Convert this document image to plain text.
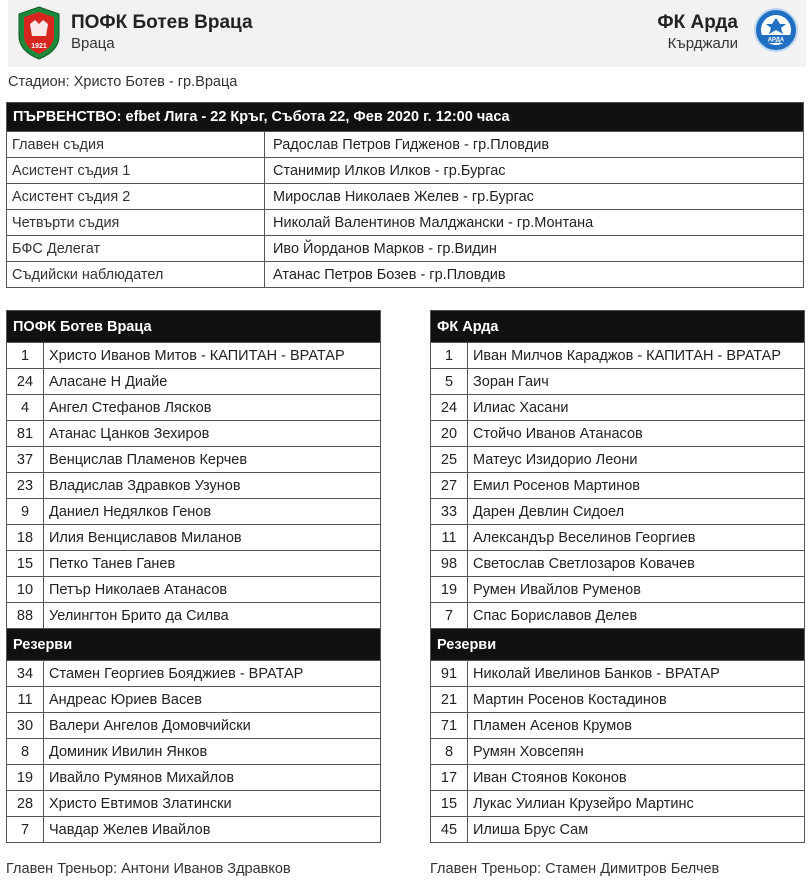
1921
ПОФК Ботев Враца
Враца
ФК Арда
Кърджали	АРДА
Стадион: Христо Ботев - гр.Враца
ПЪРВЕНСТВО: efbet Лига - 22 Кръг, Събота 22, Фев 2020 г. 12:00 часа	
Главен съдия	Радослав Петров Гидженов - гр.Пловдив
Асистент съдия 1	Станимир Илков Илков - гр.Бургас
Асистент съдия 2	Мирослав Николаев Желев - гр.Бургас
Четвърти съдия	Николай Валентинов Малджански - гр.Монтана
БФС Делегат	Иво Йорданов Марков - гр.Видин
Съдийски наблюдател	Атанас Петров Бозев - гр.Пловдив
ПОФК Ботев Враца	
1	Христо Иванов Митов - КАПИТАН - ВРАТАР
24	Аласане Н Диайе
4	Ангел Стефанов Лясков
81	Атанас Цанков Зехиров
37	Венцислав Пламенов Керчев
23	Владислав Здравков Узунов
9	Даниел Недялков Генов
18	Илия Венциславов Миланов
15	Петко Танев Ганев
10	Петър Николаев Атанасов
88	Уелингтон Брито да Силва
Резерви	
34	Стамен Георгиев Бояджиев - ВРАТАР
11	Андреас Юриев Васев
30	Валери Ангелов Домовчийски
8	Доминик Ивилин Янков
19	Ивайло Румянов Михайлов
28	Христо Евтимов Златински
7	Чавдар Желев Ивайлов
ФК Арда	
1	Иван Милчов Караджов - КАПИТАН - ВРАТАР
5	Зоран Гаич
24	Илиас Хасани
20	Стойчо Иванов Атанасов
25	Матеус Изидорио Леони
27	Емил Росенов Мартинов
33	Дарен Девлин Сидоел
11	Александър Веселинов Георгиев
98	Светослав Светлозаров Ковачев
19	Румен Ивайлов Руменов
7	Спас Бориславов Делев
Резерви	
91	Николай Ивелинов Банков - ВРАТАР
21	Мартин Росенов Костадинов
71	Пламен Асенов Крумов
8	Румян Ховсепян
17	Иван Стоянов Коконов
15	Лукас Уилиан Крузейро Мартинс
45	Илиша Брус Сам
Главен Треньор: Антони Иванов Здравков	Главен Треньор: Стамен Димитров Белчев
